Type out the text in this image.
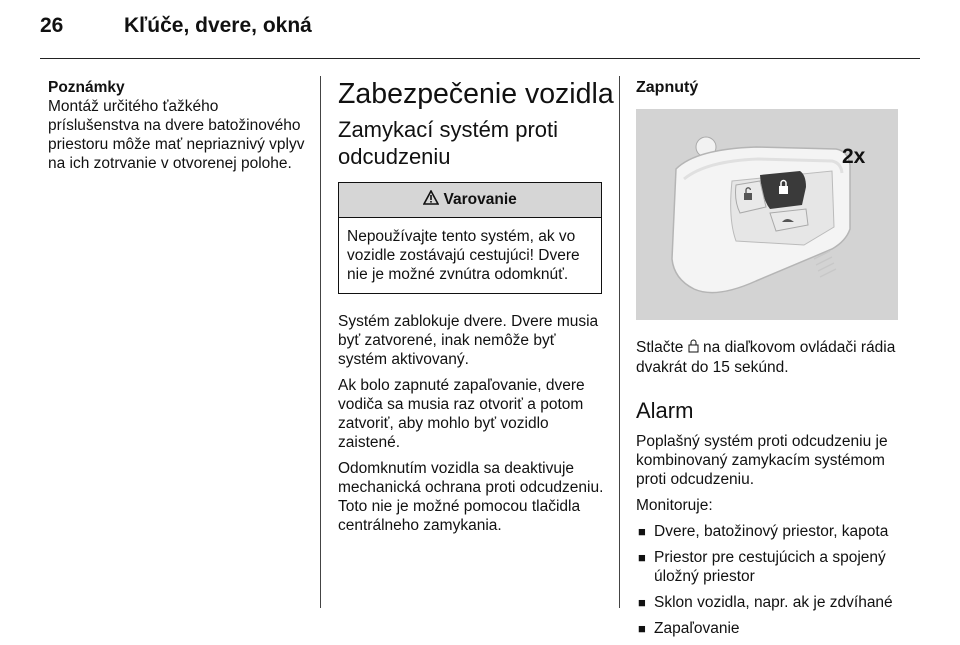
26	Kľúče, dvere, okná
Poznámky
Montáž určitého ťažkého príslušenstva na dvere batožinového priestoru môže mať nepriaznivý vplyv na ich zotrvanie v otvorenej polohe.
Zabezpečenie vozidla
Zamykací systém proti odcudzeniu
Varovanie
Nepoužívajte tento systém, ak vo vozidle zostávajú cestujúci! Dvere nie je možné zvnútra odomknúť.

Systém zablokuje dvere. Dvere musia byť zatvorené, inak nemôže byť systém aktivovaný.

Ak bolo zapnuté zapaľovanie, dvere vodiča sa musia raz otvoriť a potom zatvoriť, aby mohlo byť vozidlo zaistené.

Odomknutím vozidla sa deaktivuje mechanická ochrana proti odcudzeniu. Toto nie je možné pomocou tlačidla centrálneho zamykania.

Zapnutý
2x

Stlačte na diaľkovom ovládači rádia dvakrát do 15 sekúnd.

Alarm

Poplašný systém proti odcudzeniu je kombinovaný zamykacím systémom proti odcudzeniu.

Monitoruje:

■ Dvere, batožinový priestor, kapota
■ Priestor pre cestujúcich a spojený úložný priestor
■ Sklon vozidla, napr. ak je zdvíhané
■ Zapaľovanie
